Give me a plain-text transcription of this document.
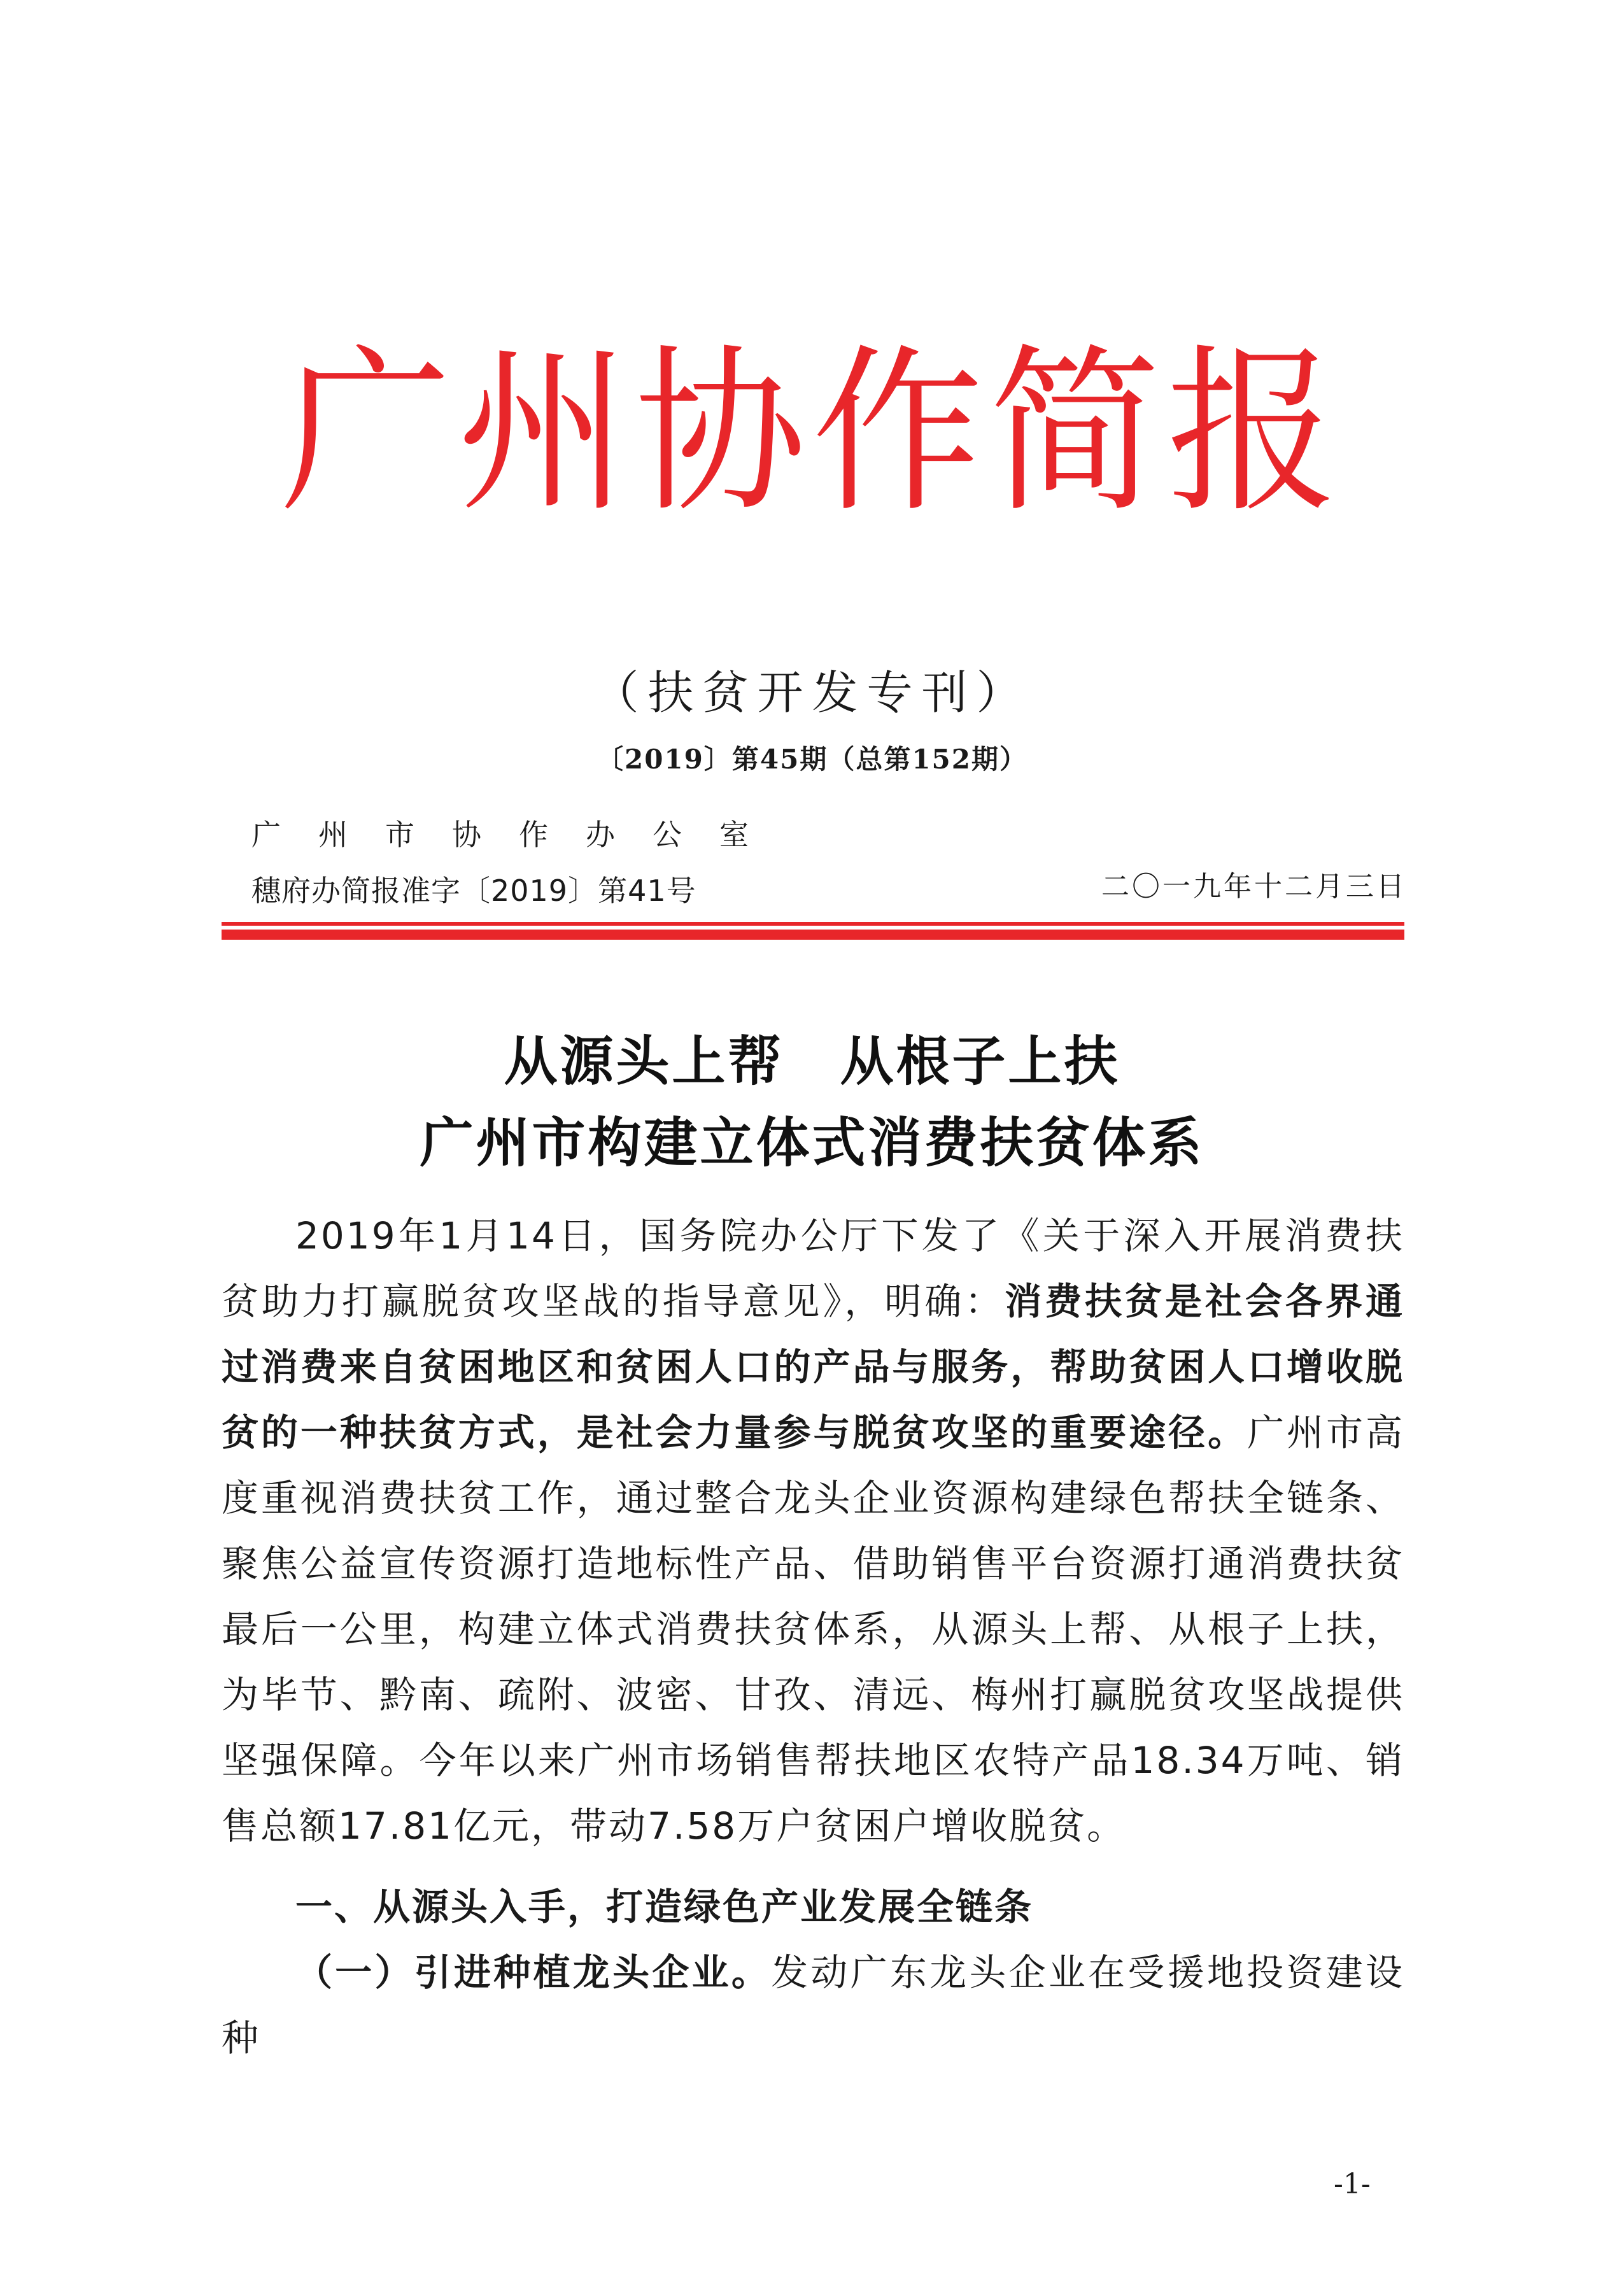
广州协作简报
（扶贫开发专刊）
〔2019〕第45期（总第152期）
广州市协作办公室
穗府办简报准字〔2019〕第41号	二〇一九年十二月三日
从源头上帮　从根子上扶
广州市构建立体式消费扶贫体系
2019年1月14日，国务院办公厅下发了《关于深入开展消费扶贫助力打赢脱贫攻坚战的指导意见》，明确：消费扶贫是社会各界通过消费来自贫困地区和贫困人口的产品与服务，帮助贫困人口增收脱贫的一种扶贫方式，是社会力量参与脱贫攻坚的重要途径。广州市高度重视消费扶贫工作，通过整合龙头企业资源构建绿色帮扶全链条、聚焦公益宣传资源打造地标性产品、借助销售平台资源打通消费扶贫最后一公里，构建立体式消费扶贫体系，从源头上帮、从根子上扶，为毕节、黔南、疏附、波密、甘孜、清远、梅州打赢脱贫攻坚战提供坚强保障。今年以来广州市场销售帮扶地区农特产品18.34万吨、销售总额17.81亿元，带动7.58万户贫困户增收脱贫。
一、从源头入手，打造绿色产业发展全链条
（一）引进种植龙头企业。发动广东龙头企业在受援地投资建设种
-1-
